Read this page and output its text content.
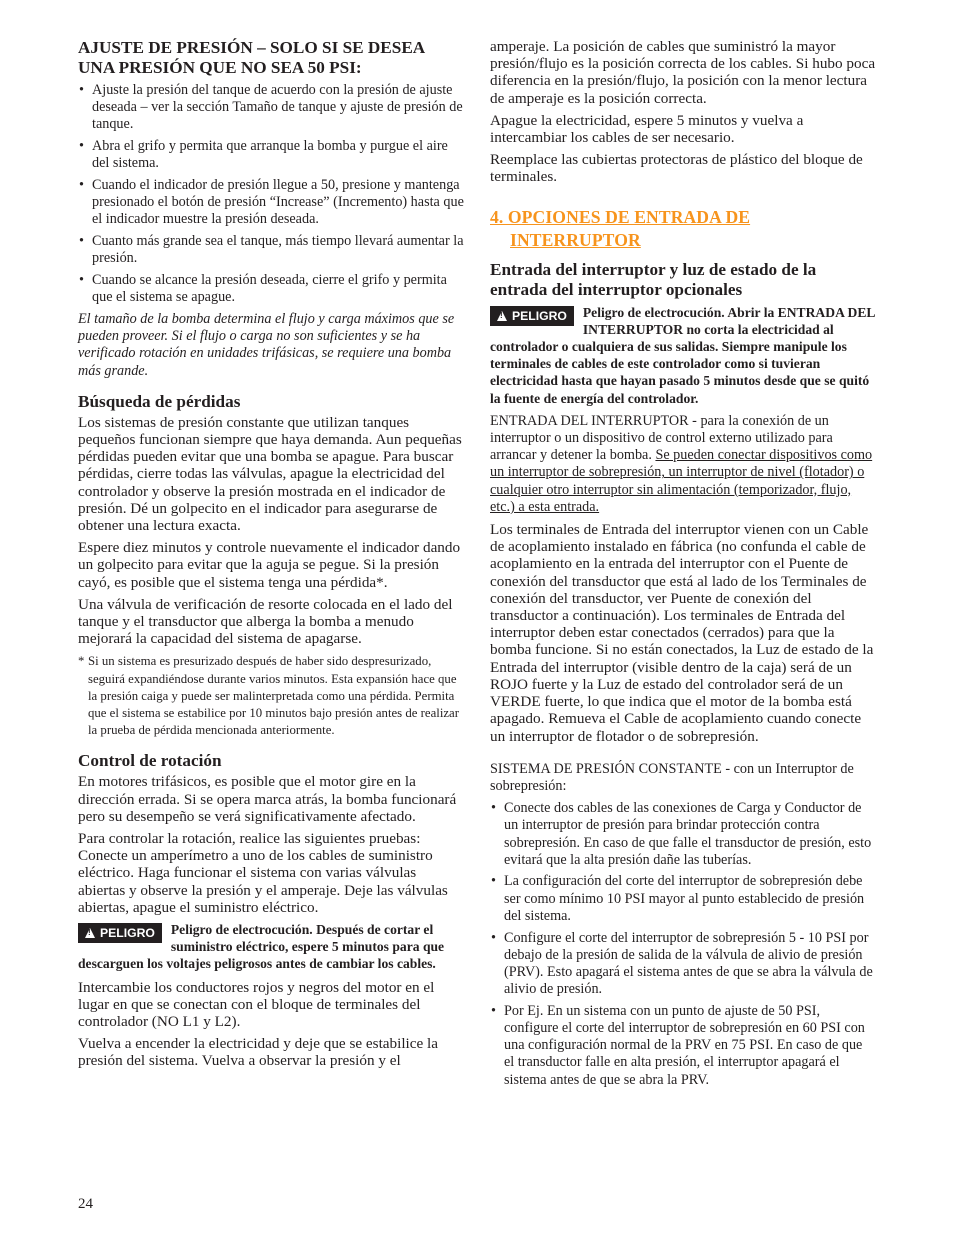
AJUSTE DE PRESIÓN – SOLO SI SE DESEA UNA PRESIÓN QUE NO SEA 50 PSI:

• Ajuste la presión del tanque de acuerdo con la presión de ajuste deseada – ver la sección Tamaño de tanque y ajuste de presión de tanque.
• Abra el grifo y permita que arranque la bomba y purgue el aire del sistema.
• Cuando el indicador de presión llegue a 50, presione y mantenga presionado el botón de presión “Increase” (Incremento) hasta que el indicador muestre la presión deseada.
• Cuanto más grande sea el tanque, más tiempo llevará aumentar la presión.
• Cuando se alcance la presión deseada, cierre el grifo y permita que el sistema se apague.

El tamaño de la bomba determina el flujo y carga máximos que se pueden proveer. Si el flujo o carga no son suficientes y se ha verificado rotación en unidades trifásicas, se requiere una bomba más grande.

Búsqueda de pérdidas

Los sistemas de presión constante que utilizan tanques pequeños funcionan siempre que haya demanda. Aun pequeñas pérdidas pueden evitar que una bomba se apague. Para buscar pérdidas, cierre todas las válvulas, apague la electricidad del controlador y observe la presión mostrada en el indicador de presión. Dé un golpecito en el indicador para asegurarse de obtener una lectura exacta.

Espere diez minutos y controle nuevamente el indicador dando un golpecito para evitar que la aguja se pegue. Si la presión cayó, es posible que el sistema tenga una pérdida*.

Una válvula de verificación de resorte colocada en el lado del tanque y el transductor que alberga la bomba a menudo mejorará la capacidad del sistema de apagarse.

* Si un sistema es presurizado después de haber sido despresurizado, seguirá expandiéndose durante varios minutos. Esta expansión hace que la presión caiga y puede ser malinterpretada como una pérdida. Permita que el sistema se estabilice por 10 minutos bajo presión antes de realizar la prueba de pérdida mencionada anteriormente.

Control de rotación

En motores trifásicos, es posible que el motor gire en la dirección errada. Si se opera marca atrás, la bomba funcionará pero su desempeño se verá significativamente afectado.

Para controlar la rotación, realice las siguientes pruebas: Conecte un amperímetro a uno de los cables de suministro eléctrico. Haga funcionar el sistema con varias válvulas abiertas y observe la presión y el amperaje. Deje las válvulas abiertas, apague el suministro eléctrico.

!PELIGRO	Peligro de electrocución. Después de cortar el suministro eléctrico, espere 5 minutos para que descarguen los voltajes peligrosos antes de cambiar los cables.

Intercambie los conductores rojos y negros del motor en el lugar en que se conectan con el bloque de terminales del controlador (NO L1 y L2).

Vuelva a encender la electricidad y deje que se estabilice la presión del sistema. Vuelva a observar la presión y el

amperaje. La posición de cables que suministró la mayor presión/flujo es la posición correcta de los cables. Si hubo poca diferencia en la presión/flujo, la posición con la menor lectura de amperaje es la posición correcta.

Apague la electricidad, espere 5 minutos y vuelva a intercambiar los cables de ser necesario.

Reemplace las cubiertas protectoras de plástico del bloque de terminales.

4. OPCIONES DE ENTRADA DE
INTERRUPTOR

Entrada del interruptor y luz de estado de la entrada del interruptor opcionales

!PELIGRO	Peligro de electrocución. Abrir la ENTRADA DEL INTERRUPTOR no corta la electricidad al controlador o cualquiera de sus salidas. Siempre manipule los terminales de cables de este controlador como si tuvieran electricidad hasta que hayan pasado 5 minutos desde que se quitó la fuente de energía del controlador.

ENTRADA DEL INTERRUPTOR - para la conexión de un interruptor o un dispositivo de control externo utilizado para arrancar y detener la bomba. Se pueden conectar dispositivos como un interruptor de sobrepresión, un interruptor de nivel (flotador) o cualquier otro interruptor sin alimentación (temporizador, flujo, etc.) a esta entrada.

Los terminales de Entrada del interruptor vienen con un Cable de acoplamiento instalado en fábrica (no confunda el cable de acoplamiento en la entrada del interruptor con el Puente de conexión del transductor que está al lado de los Terminales de conexión del transductor, ver Puente de conexión del transductor a continuación). Los terminales de Entrada del interruptor deben estar conectados (cerrados) para que la bomba funcione. Si no están conectados, la Luz de estado de la Entrada del interruptor (visible dentro de la caja) será de un ROJO fuerte y la Luz de estado del controlador será de un VERDE fuerte, lo que indica que el motor de la bomba está apagado. Remueva el Cable de acoplamiento cuando conecte un interruptor de flotador o de sobrepresión.

SISTEMA DE PRESIÓN CONSTANTE - con un Interruptor de sobrepresión:

• Conecte dos cables de las conexiones de Carga y Conductor de un interruptor de presión para brindar protección contra sobrepresión. En caso de que falle el transductor de presión, esto evitará que la alta presión dañe las tuberías.
• La configuración del corte del interruptor de sobrepresión debe ser como mínimo 10 PSI mayor al punto establecido de presión del sistema.
• Configure el corte del interruptor de sobrepresión 5 - 10 PSI por debajo de la presión de salida de la válvula de alivio de presión (PRV). Esto apagará el sistema antes de que se abra la válvula de alivio de presión.
• Por Ej. En un sistema con un punto de ajuste de 50 PSI, configure el corte del interruptor de sobrepresión en 60 PSI con una configuración normal de la PRV en 75 PSI. En caso de que el transductor falle en alta presión, el interruptor apagará el sistema antes de que se abra la PRV.
24
